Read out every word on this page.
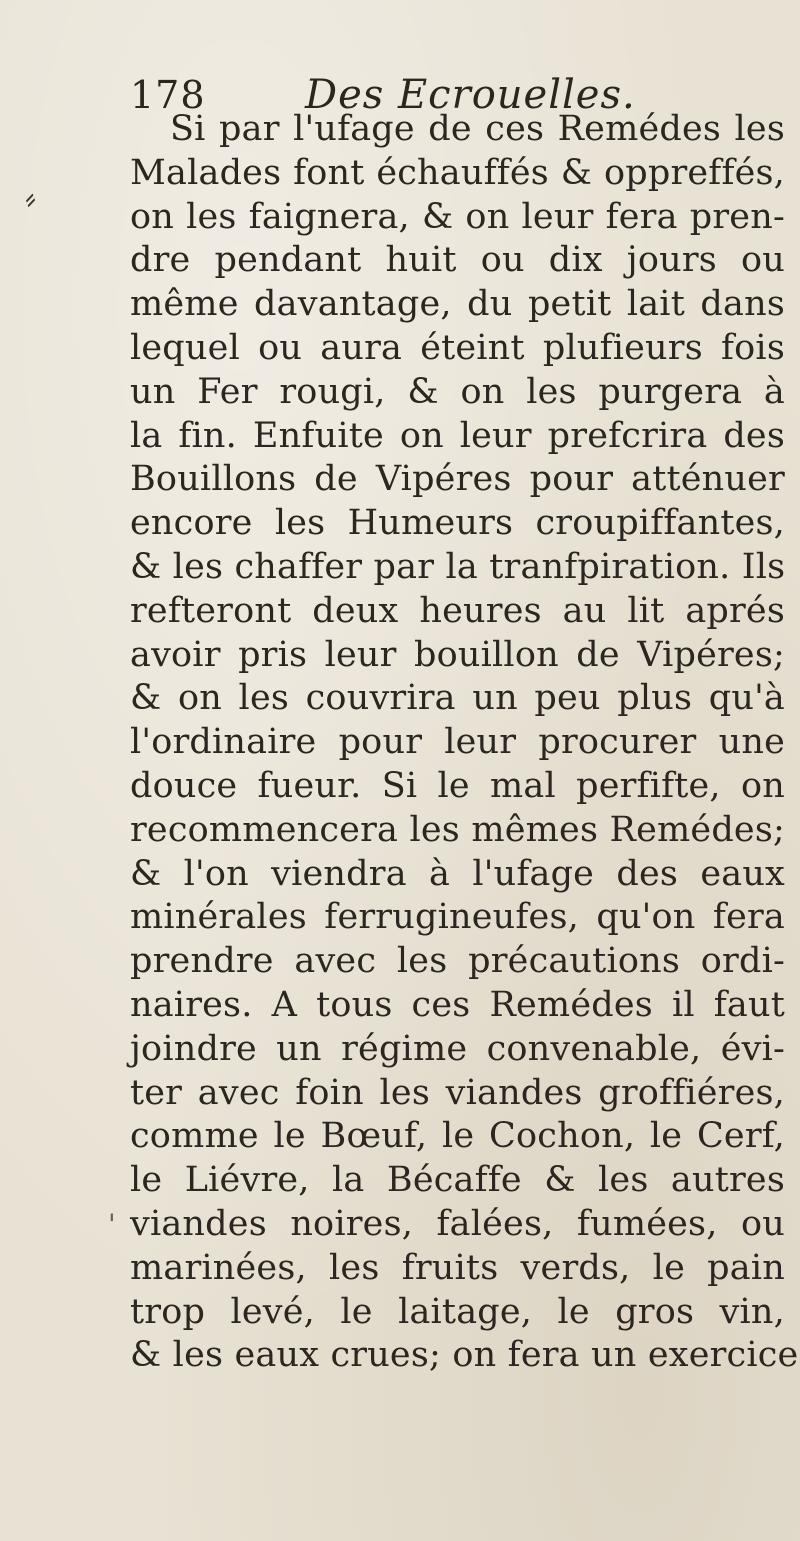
⸗
'
178 Des Ecrouelles.
Si par l'ufage de ces Remédes les
Malades font échauffés & oppreffés,
on les faignera, & on leur fera pren-
dre pendant huit ou dix jours ou
même davantage, du petit lait dans
lequel ou aura éteint plufieurs fois
un Fer rougi, & on les purgera à
la fin. Enfuite on leur prefcrira des
Bouillons de Vipéres pour atténuer
encore les Humeurs croupiffantes,
& les chaffer par la tranfpiration. Ils
refteront deux heures au lit aprés
avoir pris leur bouillon de Vipéres;
& on les couvrira un peu plus qu'à
l'ordinaire pour leur procurer une
douce fueur. Si le mal perfifte, on
recommencera les mêmes Remédes;
& l'on viendra à l'ufage des eaux
minérales ferrugineufes, qu'on fera
prendre avec les précautions ordi-
naires. A tous ces Remédes il faut
joindre un régime convenable, évi-
ter avec foin les viandes groffiéres,
comme le Bœuf, le Cochon, le Cerf,
le Liévre, la Bécaffe & les autres
viandes noires, falées, fumées, ou
marinées, les fruits verds, le pain
trop levé, le laitage, le gros vin,
& les eaux crues; on fera un exercice
